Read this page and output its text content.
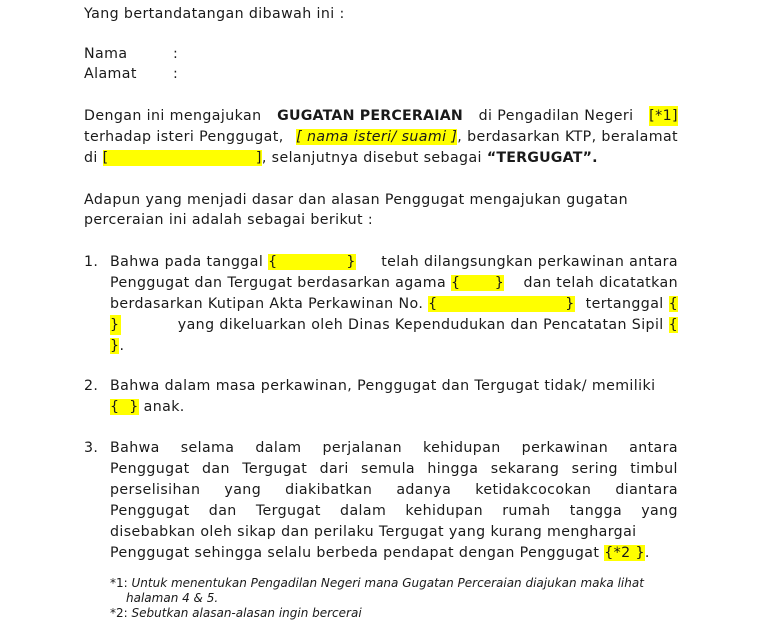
Yang bertandatangan dibawah ini :
Nama	:
Alamat	:
Dengan ini mengajukan GUGATAN PERCERAIAN di Pengadilan Negeri [*1]
terhadap isteri Penggugat, [ nama isteri/ suami ], berdasarkan KTP, beralamat
di [                              ], selanjutnya disebut sebagai “TERGUGAT”.
Adapun yang menjadi dasar dan alasan Penggugat mengajukan gugatan
perceraian ini adalah sebagai berikut :
1. Bahwa pada tanggal {              } telah dilangsungkan perkawinan antara
Penggugat dan Tergugat berdasarkan agama {       } dan telah dicatatkan
berdasarkan Kutipan Akta Perkawinan No. {                          } tertanggal {
}	yang dikeluarkan oleh Dinas Kependudukan dan Pencatatan Sipil {
}.
2. Bahwa dalam masa perkawinan, Penggugat dan Tergugat tidak/ memiliki
{  } anak.
3. Bahwa selama dalam perjalanan kehidupan perkawinan antara
Penggugat dan Tergugat dari semula hingga sekarang sering timbul
perselisihan yang diakibatkan adanya ketidakcocokan diantara
Penggugat dan Tergugat dalam kehidupan rumah tangga yang
disebabkan oleh sikap dan perilaku Tergugat yang kurang menghargai
Penggugat sehingga selalu berbeda pendapat dengan Penggugat {*2 }.
*1: Untuk menentukan Pengadilan Negeri mana Gugatan Perceraian diajukan maka lihat
halaman 4 & 5.
*2: Sebutkan alasan-alasan ingin bercerai
